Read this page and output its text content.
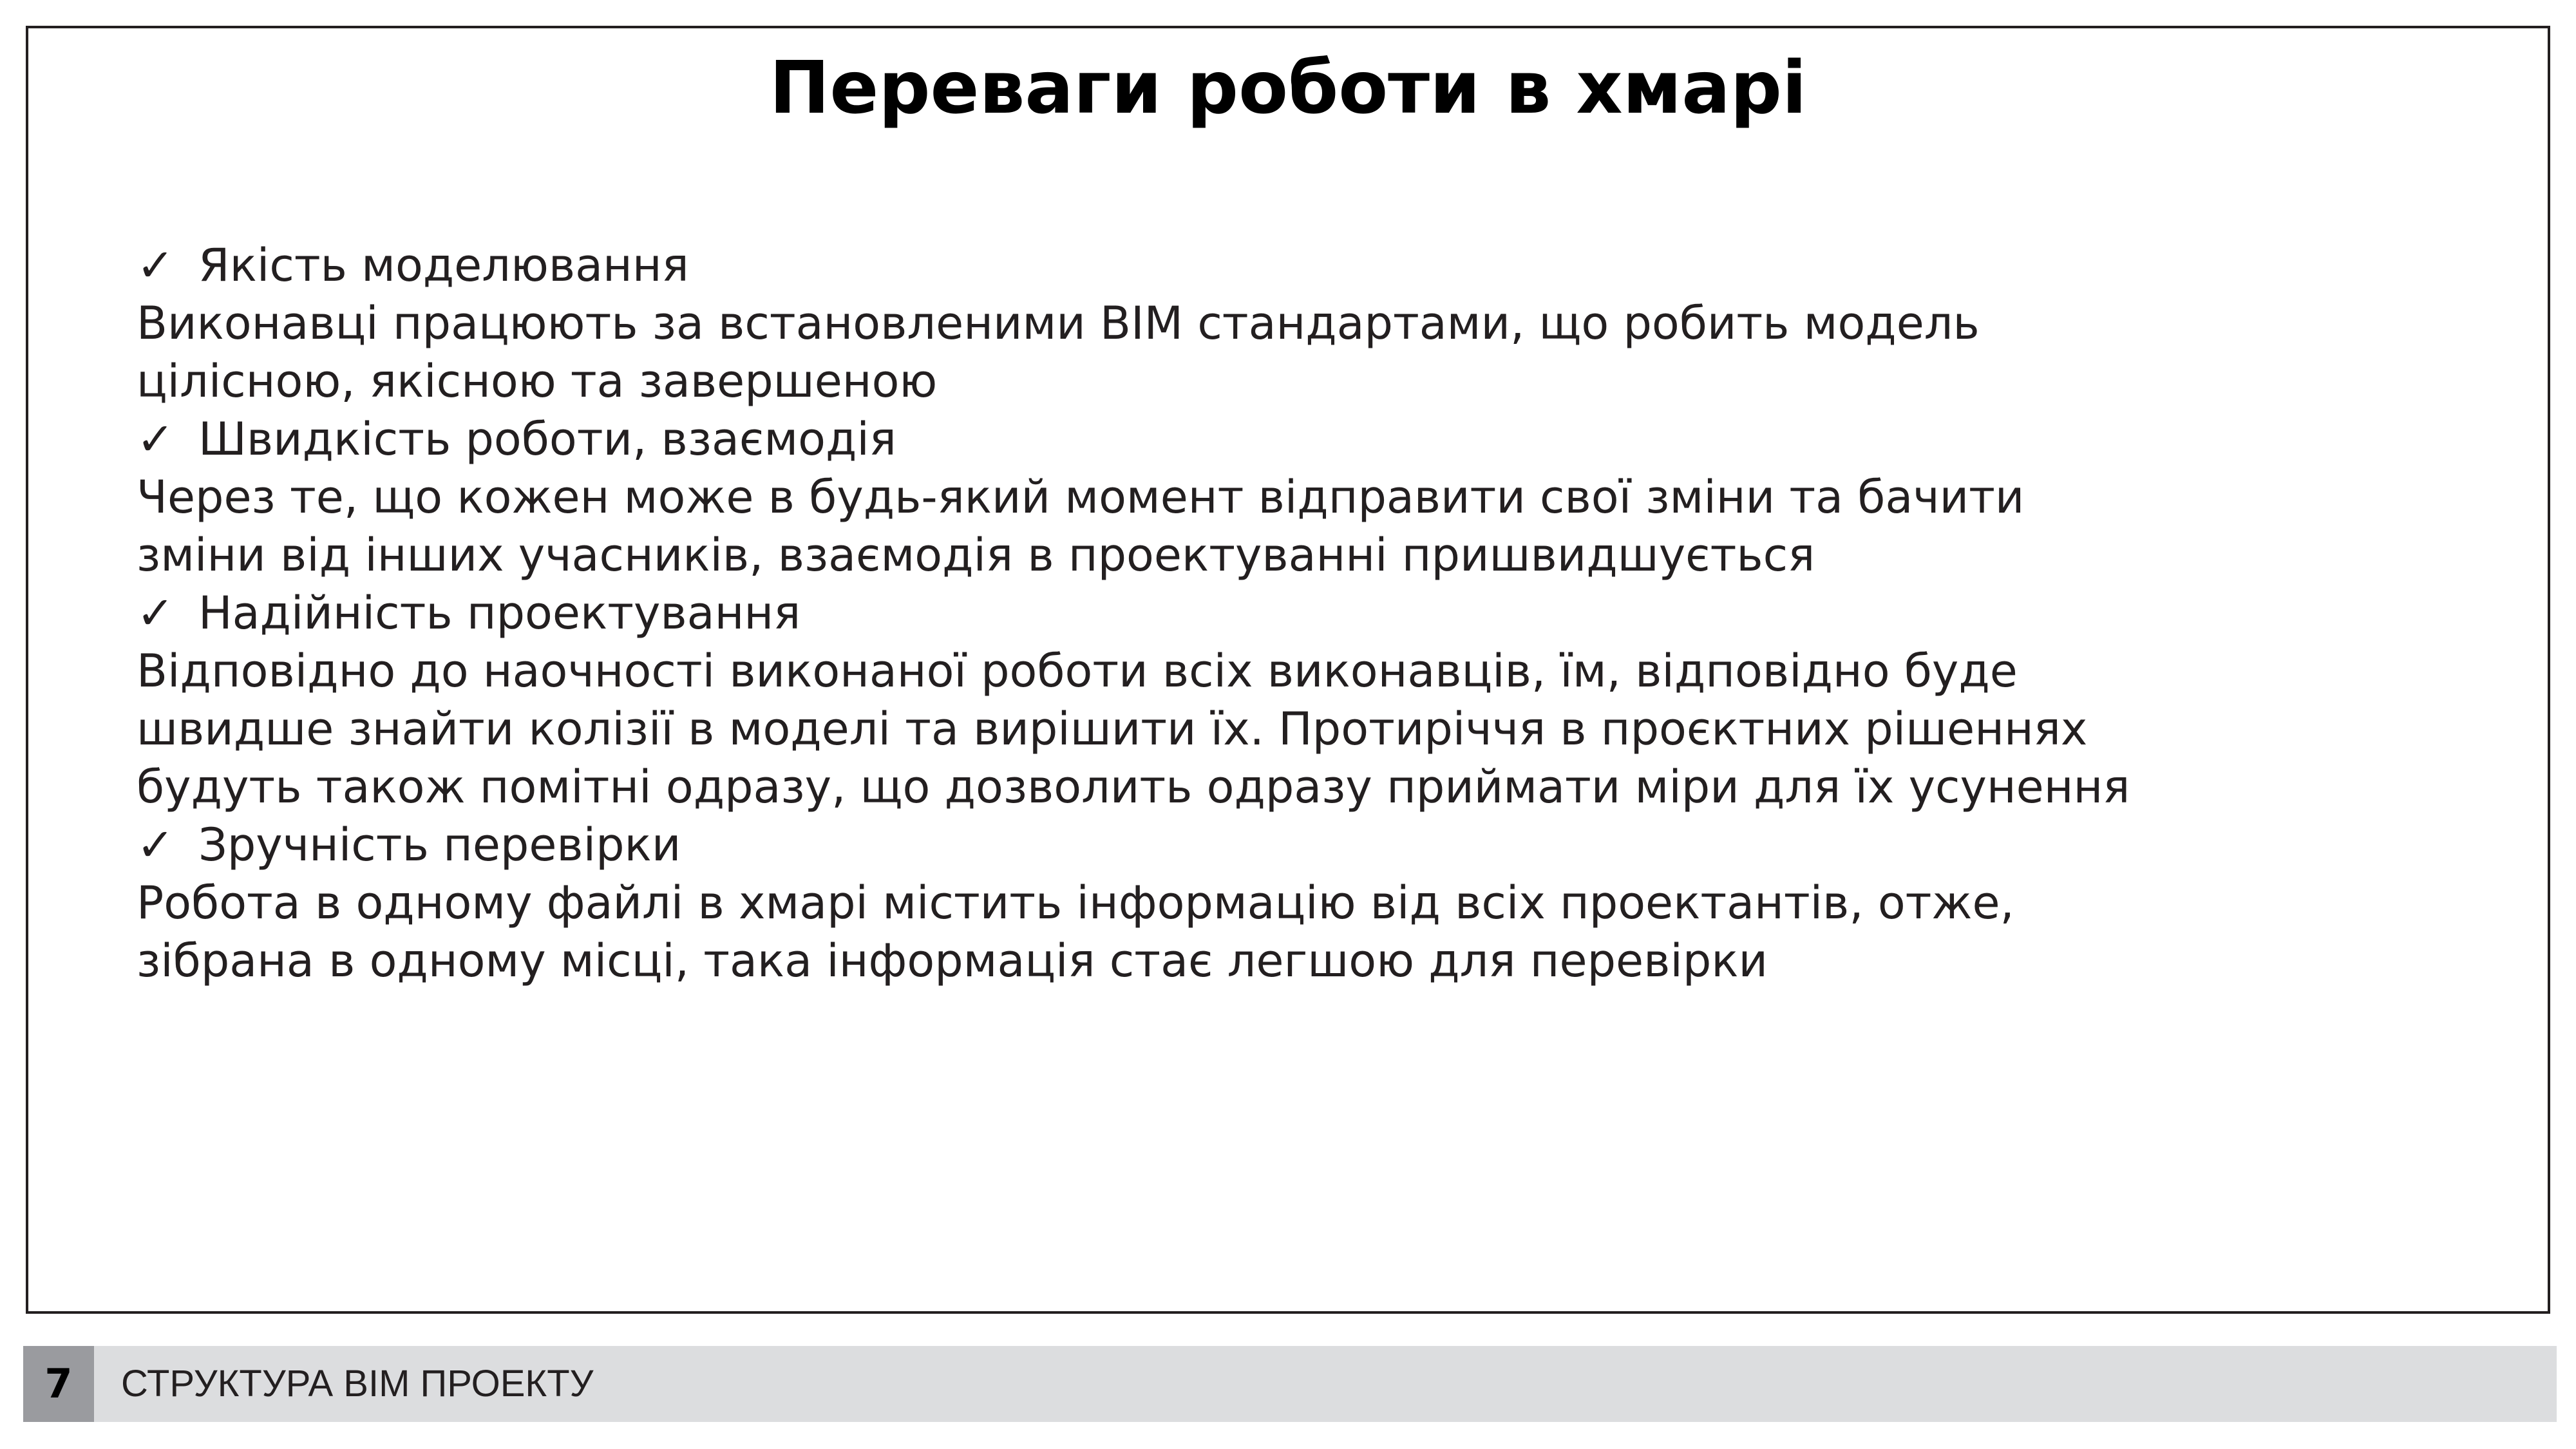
Переваги роботи в хмарі
✓ Якість моделювання
Виконавці працюють за встановленими BIM стандартами, що робить модель
цілісною, якісною та завершеною
✓ Швидкість роботи, взаємодія
Через те, що кожен може в будь-який момент відправити свої зміни та бачити
зміни від інших учасників, взаємодія в проектуванні пришвидшується
✓ Надійність проектування
Відповідно до наочності виконаної роботи всіх виконавців, їм, відповідно буде
швидше знайти колізії в моделі та вирішити їх. Протиріччя в проєктних рішеннях
будуть також помітні одразу, що дозволить одразу приймати міри для їх усунення
✓ Зручність перевірки
Робота в одному файлі в хмарі містить інформацію від всіх проектантів, отже,
зібрана в одному місці, така інформація стає легшою для перевірки
7	СТРУКТУРА BIM ПРОЕКТУ
